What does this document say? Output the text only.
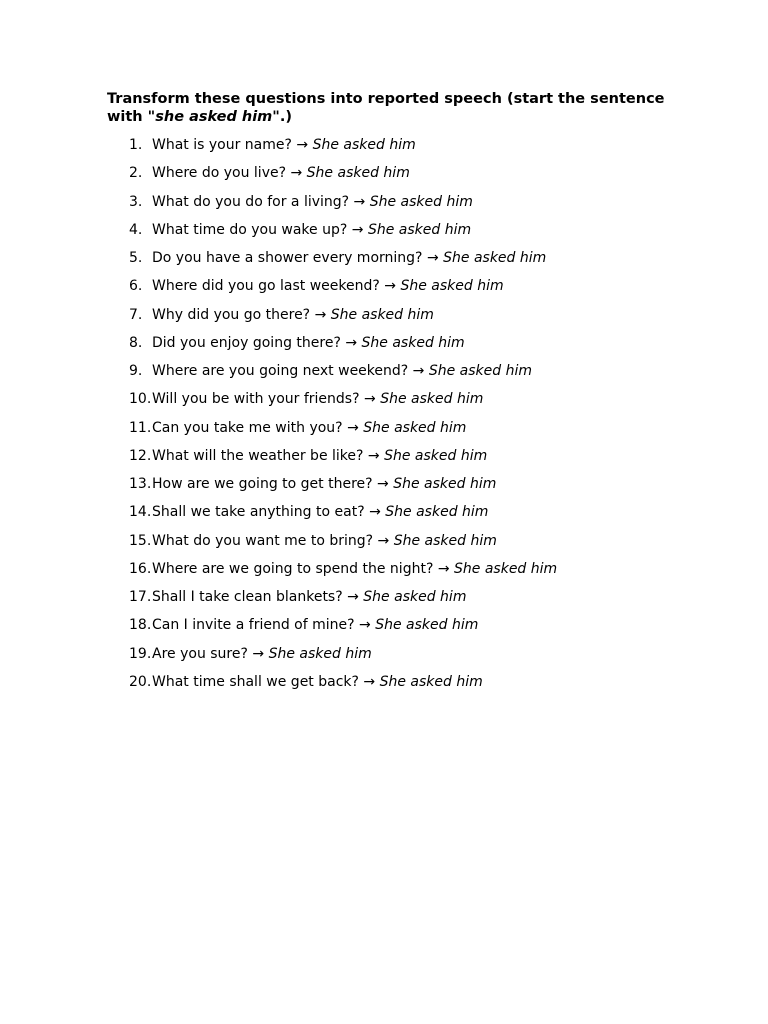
Transform these questions into reported speech (start the sentence with "she asked him".)

1. What is your name? → She asked him
2. Where do you live? → She asked him
3. What do you do for a living? → She asked him
4. What time do you wake up? → She asked him
5. Do you have a shower every morning? → She asked him
6. Where did you go last weekend? → She asked him
7. Why did you go there? → She asked him
8. Did you enjoy going there? → She asked him
9. Where are you going next weekend? → She asked him
10. Will you be with your friends? → She asked him
11. Can you take me with you? → She asked him
12. What will the weather be like? → She asked him
13. How are we going to get there? → She asked him
14. Shall we take anything to eat? → She asked him
15. What do you want me to bring? → She asked him
16. Where are we going to spend the night? → She asked him
17. Shall I take clean blankets? → She asked him
18. Can I invite a friend of mine? → She asked him
19. Are you sure? → She asked him
20. What time shall we get back? → She asked him
